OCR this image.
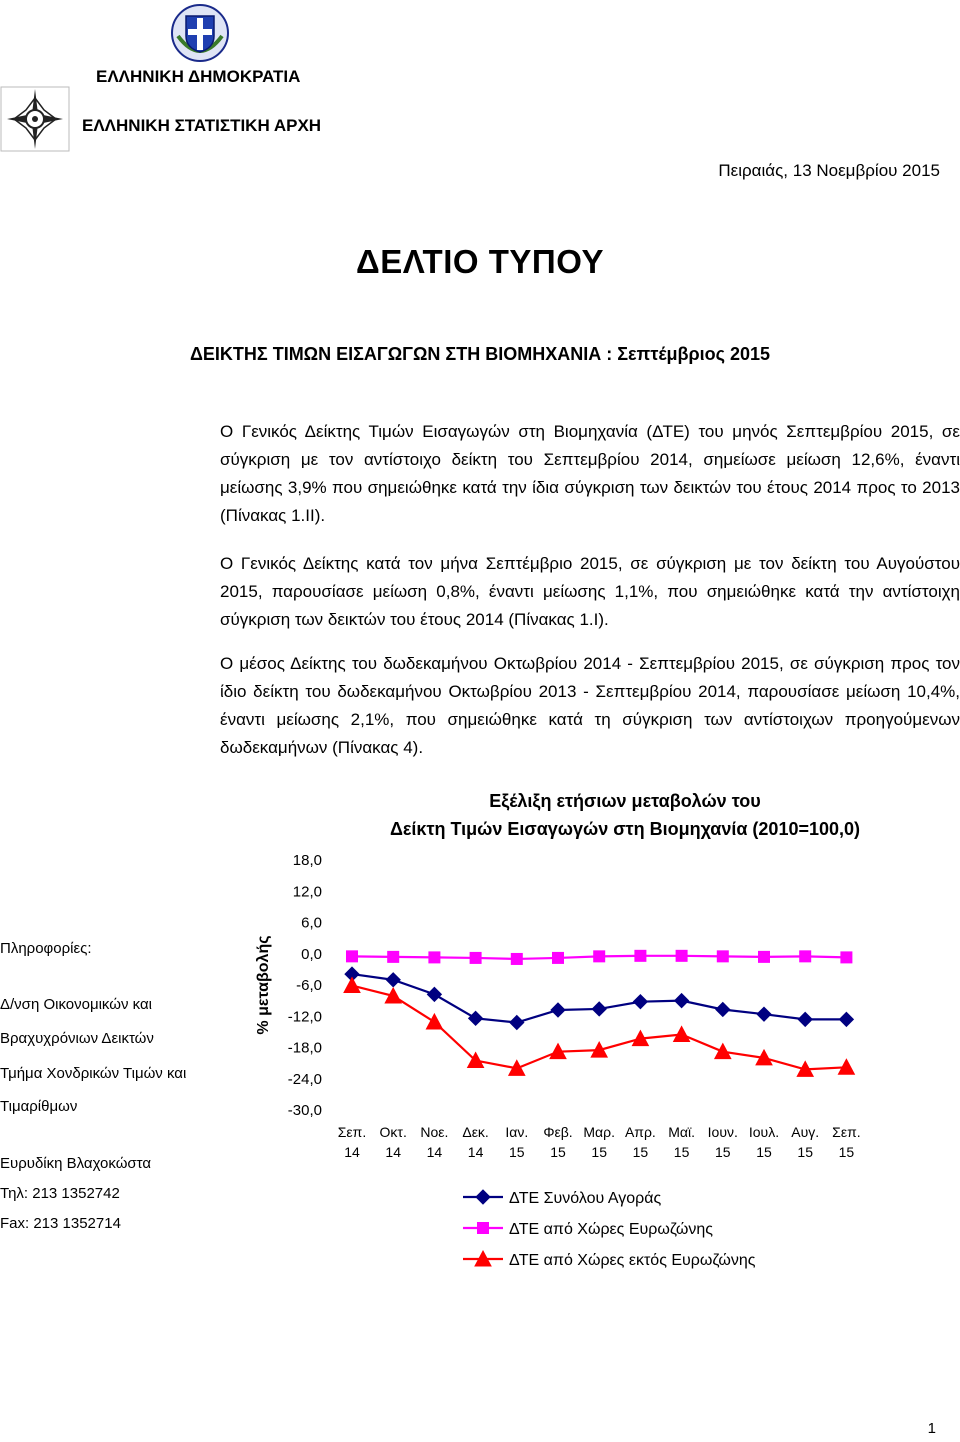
ΕΛΛΗΝΙΚΗ ΔΗΜΟΚΡΑΤΙΑ
ΕΛΛΗΝΙΚΗ ΣΤΑΤΙΣΤΙΚΗ ΑΡΧΗ
Πειραιάς, 13 Νοεμβρίου 2015
ΔΕΛΤΙΟ ΤΥΠΟΥ
ΔΕΙΚΤΗΣ ΤΙΜΩΝ ΕΙΣΑΓΩΓΩΝ ΣΤΗ ΒΙΟΜΗΧΑΝΙΑ : Σεπτέμβριος 2015
Ο Γενικός Δείκτης Τιμών Εισαγωγών στη Βιομηχανία (ΔΤΕ) του μηνός Σεπτεμβρίου 2015, σε σύγκριση με τον αντίστοιχο δείκτη του Σεπτεμβρίου 2014, σημείωσε μείωση 12,6%, έναντι μείωσης 3,9% που σημειώθηκε κατά την ίδια σύγκριση των δεικτών του έτους 2014 προς το 2013 (Πίνακας 1.ΙΙ).
Ο Γενικός Δείκτης κατά τον μήνα Σεπτέμβριο 2015, σε σύγκριση με τον δείκτη του Αυγούστου 2015, παρουσίασε μείωση 0,8%, έναντι μείωσης 1,1%, που σημειώθηκε κατά την αντίστοιχη σύγκριση των δεικτών του έτους 2014 (Πίνακας 1.Ι).
Ο μέσος Δείκτης του δωδεκαμήνου Οκτωβρίου 2014 - Σεπτεμβρίου 2015, σε σύγκριση προς τον ίδιο δείκτη του δωδεκαμήνου Οκτωβρίου 2013 - Σεπτεμβρίου 2014, παρουσίασε μείωση 10,4%, έναντι μείωσης 2,1%, που σημειώθηκε κατά τη σύγκριση των αντίστοιχων προηγούμενων δωδεκαμήνων (Πίνακας 4).
Εξέλιξη ετήσιων μεταβολών του
Δείκτη Τιμών Εισαγωγών στη Βιομηχανία (2010=100,0)
Πληροφορίες:
Δ/νση Οικονομικών και
Βραχυχρόνιων Δεικτών
Τμήμα Χονδρικών Τιμών και
Τιμαρίθμων
Ευρυδίκη Βλαχοκώστα
Τηλ: 213 1352742
Fax: 213 1352714
18,0
12,0
6,0
0,0
-6,0
-12,0
-18,0
-24,0
-30,0
Σεπ.
14
Οκτ.
14
Νοε.
14
Δεκ.
14
Ιαν.
15
Φεβ.
15
Μαρ.
15
Απρ.
15
Μαϊ.
15
Ιουν.
15
Ιουλ.
15
Αυγ.
15
Σεπ.
15
ΔΤΕ Συνόλου Αγοράς
ΔΤΕ από Χώρες Ευρωζώνης
ΔΤΕ από Χώρες εκτός Ευρωζώνης
% μεταβολής
1
